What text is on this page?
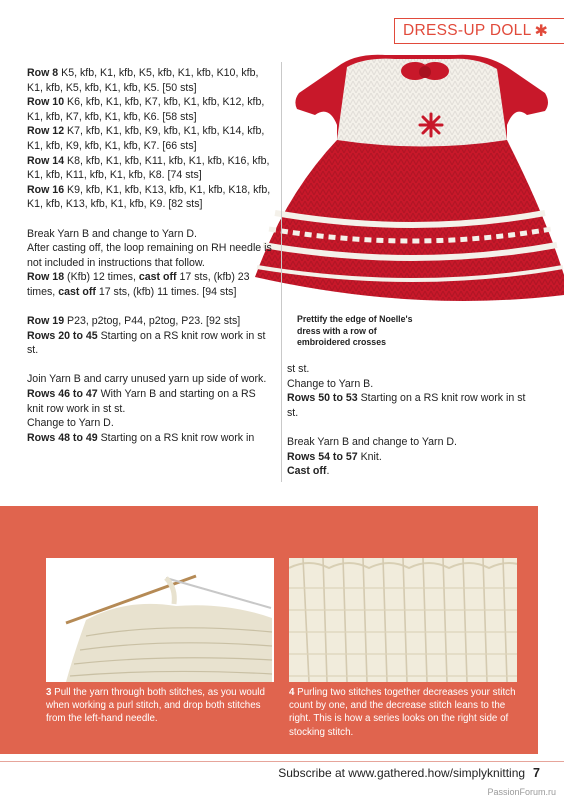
DRESS-UP DOLL ✱
Prettify the edge of Noelle's dress with a row of embroidered crosses

Row 8 K5, kfb, K1, kfb, K5, kfb, K1, kfb, K10, kfb, K1, kfb, K5, kfb, K1, kfb, K5. [50 sts]

Row 10 K6, kfb, K1, kfb, K7, kfb, K1, kfb, K12, kfb, K1, kfb, K7, kfb, K1, kfb, K6. [58 sts]

Row 12 K7, kfb, K1, kfb, K9, kfb, K1, kfb, K14, kfb, K1, kfb, K9, kfb, K1, kfb, K7. [66 sts]

Row 14 K8, kfb, K1, kfb, K11, kfb, K1, kfb, K16, kfb, K1, kfb, K11, kfb, K1, kfb, K8. [74 sts]

Row 16 K9, kfb, K1, kfb, K13, kfb, K1, kfb, K18, kfb, K1, kfb, K13, kfb, K1, kfb, K9. [82 sts]

Break Yarn B and change to Yarn D.

After casting off, the loop remaining on RH needle is not included in instructions that follow.

Row 18 (Kfb) 12 times, cast off 17 sts, (kfb) 23 times, cast off 17 sts, (kfb) 11 times. [94 sts]

Row 19 P23, p2tog, P44, p2tog, P23. [92 sts]

Rows 20 to 45 Starting on a RS knit row work in st st.

Join Yarn B and carry unused yarn up side of work.

Rows 46 to 47 With Yarn B and starting on a RS knit row work in st st.

Change to Yarn D.

Rows 48 to 49 Starting on a RS knit row work in

st st.

Change to Yarn B.

Rows 50 to 53 Starting on a RS knit row work in st st.

Break Yarn B and change to Yarn D.

Rows 54 to 57 Knit.

Cast off.

3 Pull the yarn through both stitches, as you would when working a purl stitch, and drop both stitches from the left-hand needle.
4 Purling two stitches together decreases your stitch count by one, and the decrease stitch leans to the right. This is how a series looks on the right side of stocking stitch.
Subscribe at www.gathered.how/simplyknitting 7
PassionForum.ru
